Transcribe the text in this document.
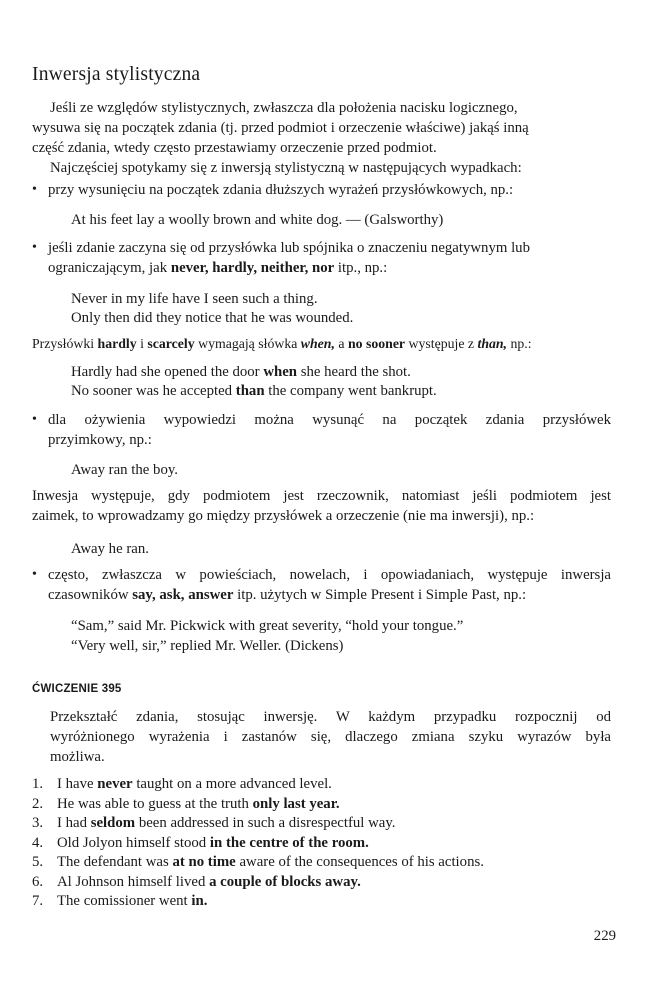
Inwersja stylistyczna
Jeśli ze względów stylistycznych, zwłaszcza dla położenia nacisku logicznego,
wysuwa się na początek zdania (tj. przed podmiot i orzeczenie właściwe) jakąś inną
część zdania, wtedy często przestawiamy orzeczenie przed podmiot.
Najczęściej spotykamy się z inwersją stylistyczną w następujących wypadkach:
• przy wysunięciu na początek zdania dłuższych wyrażeń przysłówkowych, np.:
At his feet lay a woolly brown and white dog. — (Galsworthy)
• jeśli zdanie zaczyna się od przysłówka lub spójnika o znaczeniu negatywnym lub
ograniczającym, jak never, hardly, neither, nor itp., np.:
Never in my life have I seen such a thing.
Only then did they notice that he was wounded.
Przysłówki hardly i scarcely wymagają słówka when, a no sooner występuje z than, np.:
Hardly had she opened the door when she heard the shot.
No sooner was he accepted than the company went bankrupt.
• dla ożywienia wypowiedzi można wysunąć na początek zdania przysłówek
przyimkowy, np.:
Away ran the boy.
Inwesja występuje, gdy podmiotem jest rzeczownik, natomiast jeśli podmiotem jest
zaimek, to wprowadzamy go między przysłówek a orzeczenie (nie ma inwersji), np.:
Away he ran.
• często, zwłaszcza w powieściach, nowelach, i opowiadaniach, występuje inwersja
czasowników say, ask, answer itp. użytych w Simple Present i Simple Past, np.:
“Sam,” said Mr. Pickwick with great severity, “hold your tongue.”
“Very well, sir,” replied Mr. Weller. (Dickens)
ĆWICZENIE 395
Przekształć zdania, stosując inwersję. W każdym przypadku rozpocznij od
wyróżnionego wyrażenia i zastanów się, dlaczego zmiana szyku wyrazów była
możliwa.
1. I have never taught on a more advanced level.
2. He was able to guess at the truth only last year.
3. I had seldom been addressed in such a disrespectful way.
4. Old Jolyon himself stood in the centre of the room.
5. The defendant was at no time aware of the consequences of his actions.
6. Al Johnson himself lived a couple of blocks away.
7. The comissioner went in.
229
